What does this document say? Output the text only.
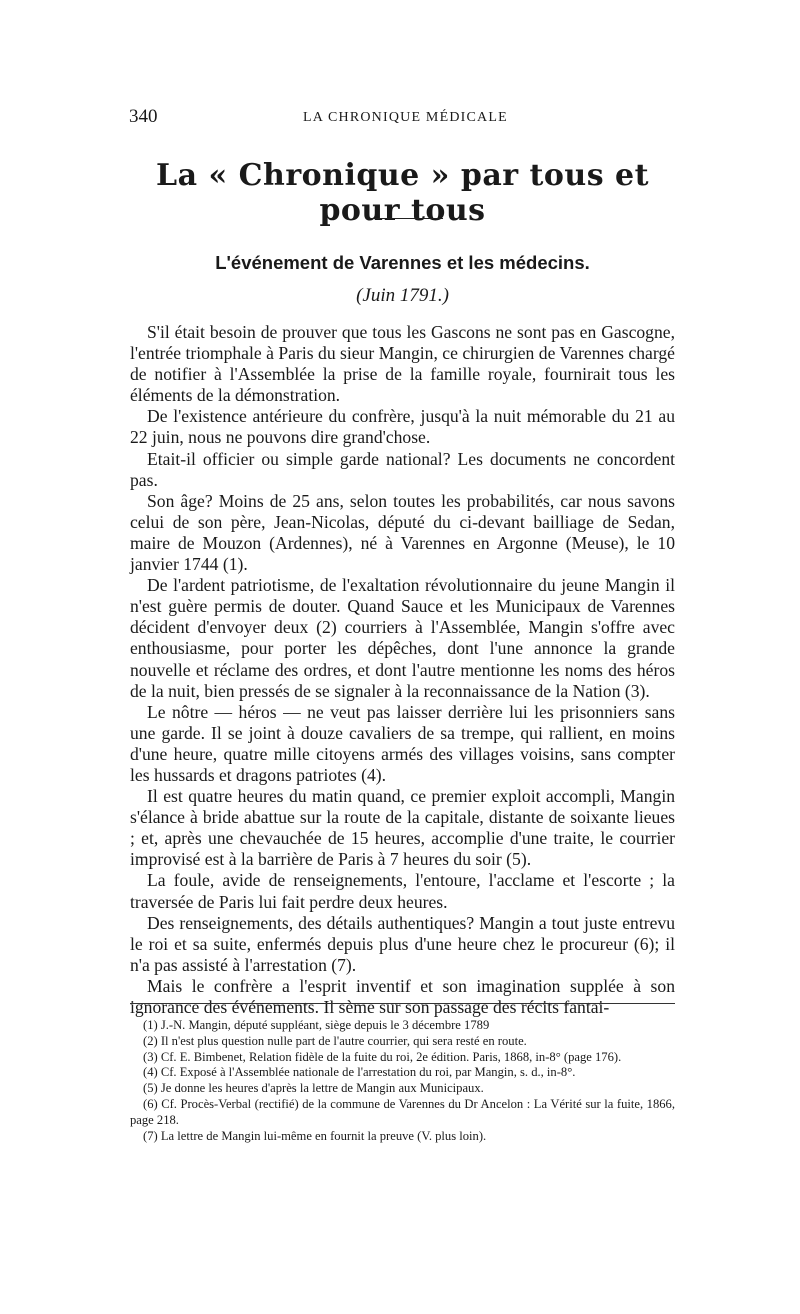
340	LA CHRONIQUE MÉDICALE
La « Chronique » par tous et pour tous
L'événement de Varennes et les médecins.
(Juin 1791.)

S'il était besoin de prouver que tous les Gascons ne sont pas en Gascogne, l'entrée triomphale à Paris du sieur Mangin, ce chirurgien de Varennes chargé de notifier à l'Assemblée la prise de la famille royale, fournirait tous les éléments de la démonstration.

De l'existence antérieure du confrère, jusqu'à la nuit mémorable du 21 au 22 juin, nous ne pouvons dire grand'chose.

Etait-il officier ou simple garde national? Les documents ne concordent pas.

Son âge? Moins de 25 ans, selon toutes les probabilités, car nous savons celui de son père, Jean-Nicolas, député du ci-devant bailliage de Sedan, maire de Mouzon (Ardennes), né à Varennes en Argonne (Meuse), le 10 janvier 1744 (1).

De l'ardent patriotisme, de l'exaltation révolutionnaire du jeune Mangin il n'est guère permis de douter. Quand Sauce et les Municipaux de Varennes décident d'envoyer deux (2) courriers à l'Assemblée, Mangin s'offre avec enthousiasme, pour porter les dépêches, dont l'une annonce la grande nouvelle et réclame des ordres, et dont l'autre mentionne les noms des héros de la nuit, bien pressés de se signaler à la reconnaissance de la Nation (3).

Le nôtre — héros — ne veut pas laisser derrière lui les prisonniers sans une garde. Il se joint à douze cavaliers de sa trempe, qui rallient, en moins d'une heure, quatre mille citoyens armés des villages voisins, sans compter les hussards et dragons patriotes (4).

Il est quatre heures du matin quand, ce premier exploit accompli, Mangin s'élance à bride abattue sur la route de la capitale, distante de soixante lieues ; et, après une chevauchée de 15 heures, accomplie d'une traite, le courrier improvisé est à la barrière de Paris à 7 heures du soir (5).

La foule, avide de renseignements, l'entoure, l'acclame et l'escorte ; la traversée de Paris lui fait perdre deux heures.

Des renseignements, des détails authentiques? Mangin a tout juste entrevu le roi et sa suite, enfermés depuis plus d'une heure chez le procureur (6); il n'a pas assisté à l'arrestation (7).

Mais le confrère a l'esprit inventif et son imagination supplée à son ignorance des événements. Il sème sur son passage des récits fantai-

(1) J.-N. Mangin, député suppléant, siège depuis le 3 décembre 1789

(2) Il n'est plus question nulle part de l'autre courrier, qui sera resté en route.

(3) Cf. E. Bimbenet, Relation fidèle de la fuite du roi, 2e édition. Paris, 1868, in-8° (page 176).

(4) Cf. Exposé à l'Assemblée nationale de l'arrestation du roi, par Mangin, s. d., in-8°.

(5) Je donne les heures d'après la lettre de Mangin aux Municipaux.

(6) Cf. Procès-Verbal (rectifié) de la commune de Varennes du Dr Ancelon : La Vérité sur la fuite, 1866, page 218.

(7) La lettre de Mangin lui-même en fournit la preuve (V. plus loin).
